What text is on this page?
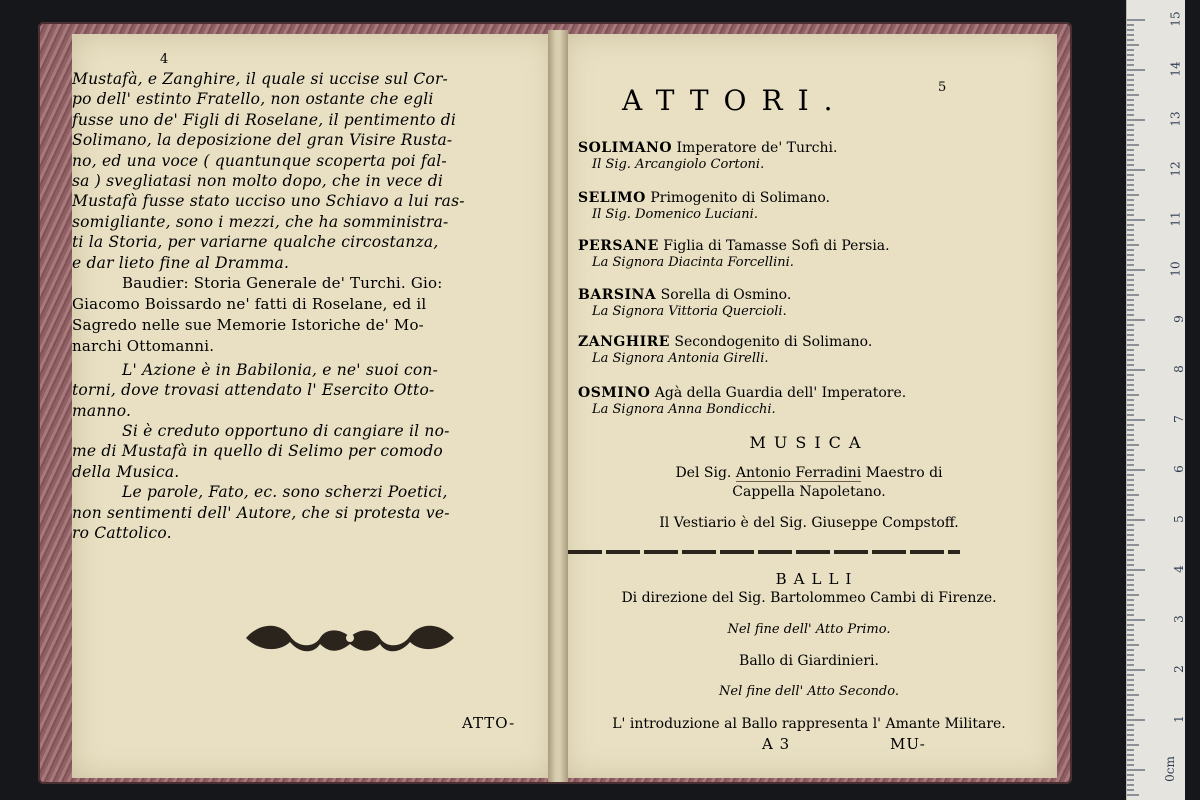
4
Mustafà, e Zanghire, il quale si uccise sul Cor-
po dell' estinto Fratello, non ostante che egli
fusse uno de' Figli di Roselane, il pentimento di
Solimano, la deposizione del gran Visire Rusta-
no, ed una voce ( quantunque scoperta poi fal-
sa ) svegliatasi non molto dopo, che in vece di
Mustafà fusse stato ucciso uno Schiavo a lui ras-
somigliante, sono i mezzi, che ha somministra-
ti la Storia, per variarne qualche circostanza,
e dar lieto fine al Dramma.
Baudier: Storia Generale de' Turchi. Gio:
Giacomo Boissardo ne' fatti di Roselane, ed il
Sagredo nelle sue Memorie Istoriche de' Mo-
narchi Ottomanni.
L' Azione è in Babilonia, e ne' suoi con-
torni, dove trovasi attendato l' Esercito Otto-
manno.
Si è creduto opportuno di cangiare il no-
me di Mustafà in quello di Selimo per comodo
della Musica.
Le parole, Fato, ec. sono scherzi Poetici,
non sentimenti dell' Autore, che si protesta ve-
ro Cattolico.
ATTO-
5
ATTORI.
SOLIMANO Imperatore de' Turchi.
Il Sig. Arcangiolo Cortoni.
SELIMO Primogenito di Solimano.
Il Sig. Domenico Luciani.
PERSANE Figlia di Tamasse Sofì di Persia.
La Signora Diacinta Forcellini.
BARSINA Sorella di Osmino.
La Signora Vittoria Quercioli.
ZANGHIRE Secondogenito di Solimano.
La Signora Antonia Girelli.
OSMINO Agà della Guardia dell' Imperatore.
La Signora Anna Bondicchi.
MUSICA
Del Sig. Antonio Ferradini Maestro di
Cappella Napoletano.
Il Vestiario è del Sig. Giuseppe Compstoff.
BALLI
Di direzione del Sig. Bartolommeo Cambi di Firenze.
Nel fine dell' Atto Primo.
Ballo di Giardinieri.
Nel fine dell' Atto Secondo.
L' introduzione al Ballo rappresenta l' Amante Militare.
A 3	MU-
15
14
13
12
11
10
9
8
7
6
5
4
3
2
1
0cm
